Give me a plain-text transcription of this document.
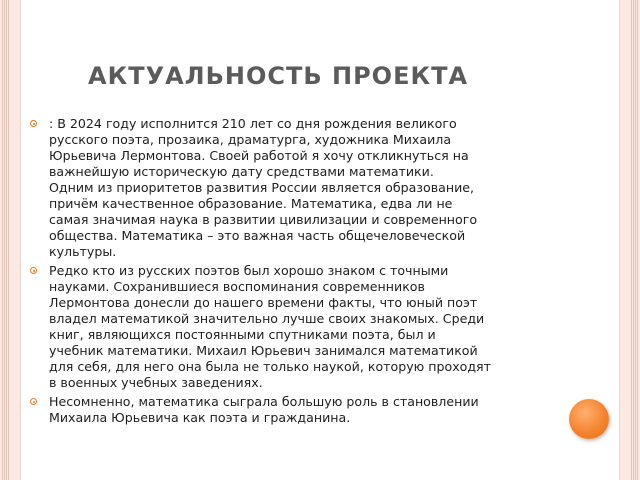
АКТУАЛЬНОСТЬ ПРОЕКТА
: В 2024 году исполнится 210 лет со дня рождения великого
русского поэта, прозаика, драматурга, художника Михаила
Юрьевича Лермонтова. Своей работой я хочу откликнуться на
важнейшую историческую дату средствами математики.
Одним из приоритетов развития России является образование,
причём качественное образование. Математика, едва ли не
самая значимая наука в развитии цивилизации и современного
общества. Математика – это важная часть общечеловеческой
культуры.
Редко кто из русских поэтов был хорошо знаком с точными
науками. Сохранившиеся воспоминания современников
Лермонтова донесли до нашего времени факты, что юный поэт
владел математикой значительно лучше своих знакомых. Среди
книг, являющихся постоянными спутниками поэта, был и
учебник математики. Михаил Юрьевич занимался математикой
для себя, для него она была не только наукой, которую проходят
в военных учебных заведениях.
Несомненно, математика сыграла большую роль в становлении
Михаила Юрьевича как поэта и гражданина.
